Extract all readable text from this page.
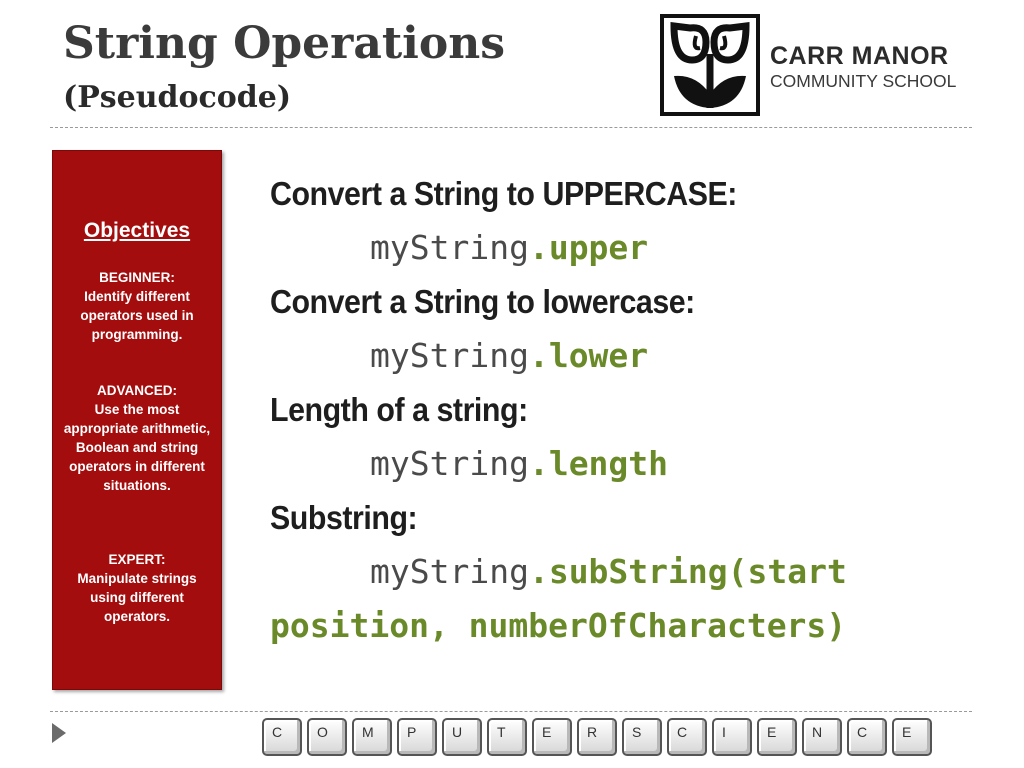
String Operations
(Pseudocode)
CARR MANOR
COMMUNITY SCHOOL
Objectives
BEGINNER:
Identify different operators used in programming.
ADVANCED:
Use the most appropriate arithmetic, Boolean and string operators in different situations.
EXPERT:
Manipulate strings using different operators.
Convert a String to UPPERCASE:
myString.upper
Convert a String to lowercase:
myString.lower
Length of a string:
myString.length
Substring:
myString.subString(start
position, numberOfCharacters)
C	O	M	P	U	T	E	R	S	C	I	E	N	C	E
